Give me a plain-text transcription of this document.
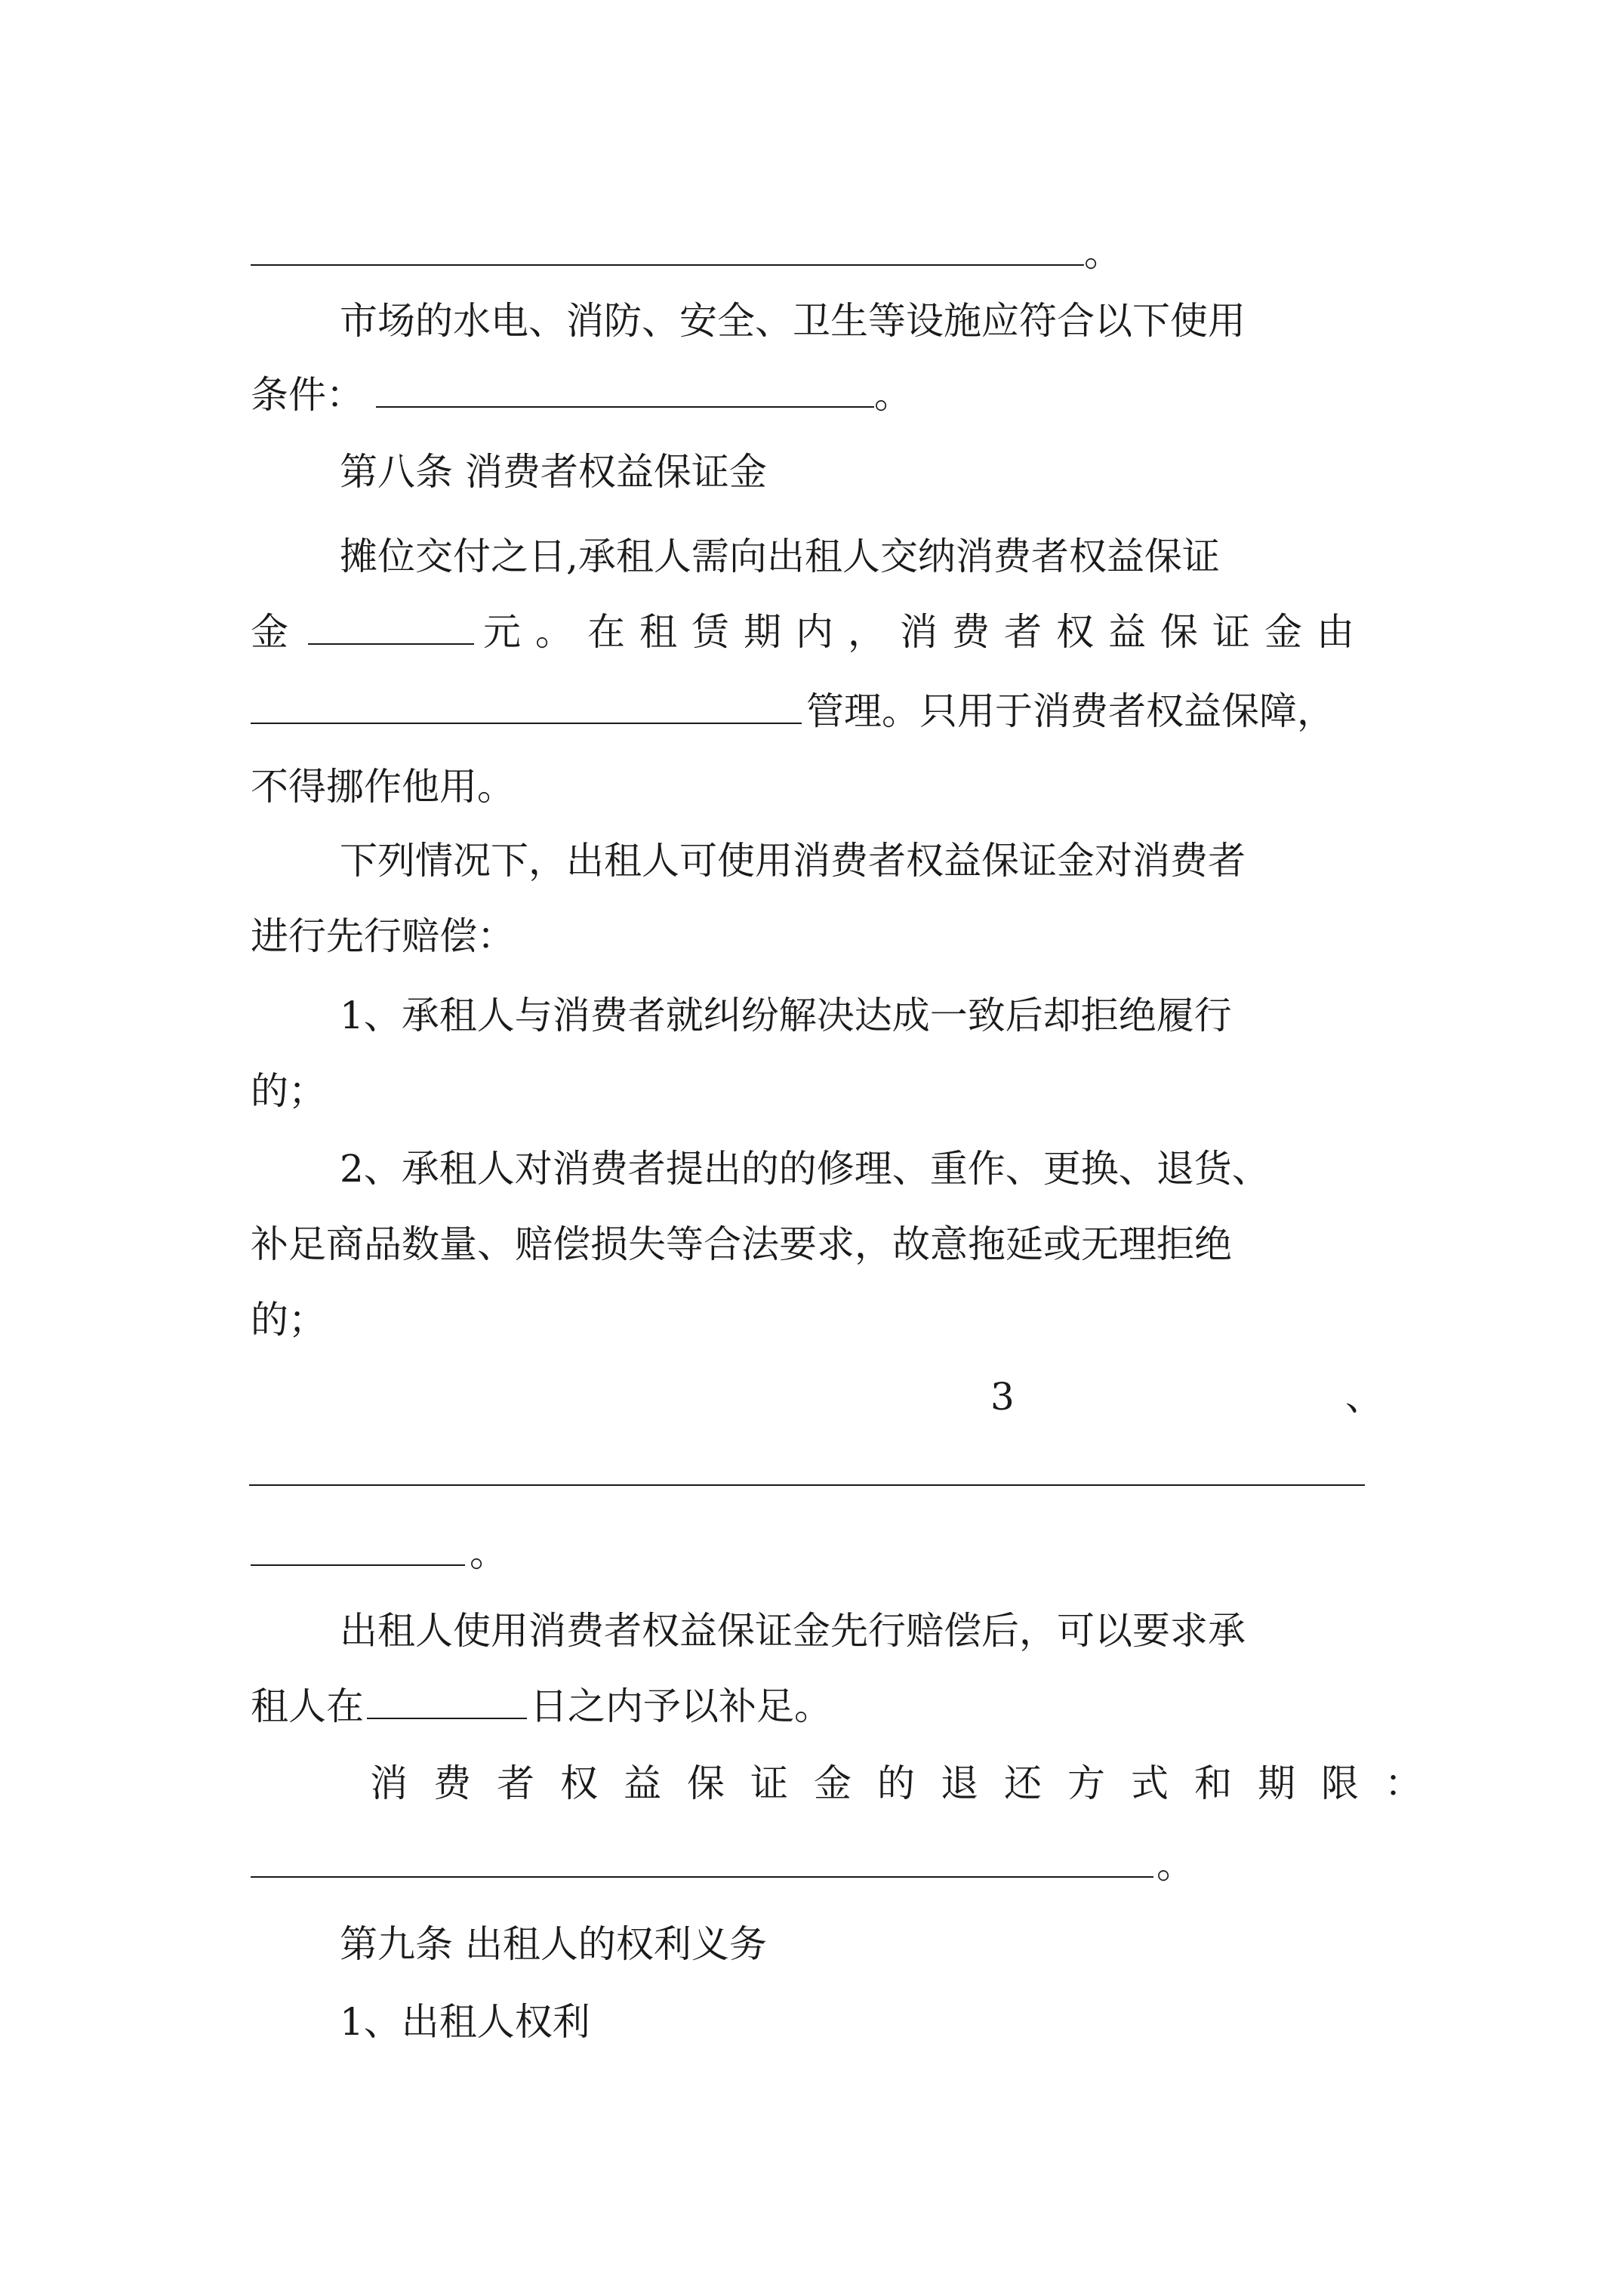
。
市场的水电、消防、安全、卫生等设施应符合以下使用
条件：	。
第八条 消费者权益保证金
摊位交付之日,承租人需向出租人交纳消费者权益保证
金	元。在租赁期内，消费者权益保证金由
管理。只用于消费者权益保障，
不得挪作他用。
下列情况下，出租人可使用消费者权益保证金对消费者
进行先行赔偿：
1、承租人与消费者就纠纷解决达成一致后却拒绝履行
的；
2、承租人对消费者提出的的修理、重作、更换、退货、
补足商品数量、赔偿损失等合法要求，故意拖延或无理拒绝
的；
3	、
。
出租人使用消费者权益保证金先行赔偿后，可以要求承
租人在	日之内予以补足。
消费者权益保证金的退还方式和期限：
。
第九条 出租人的权利义务
1、出租人权利
